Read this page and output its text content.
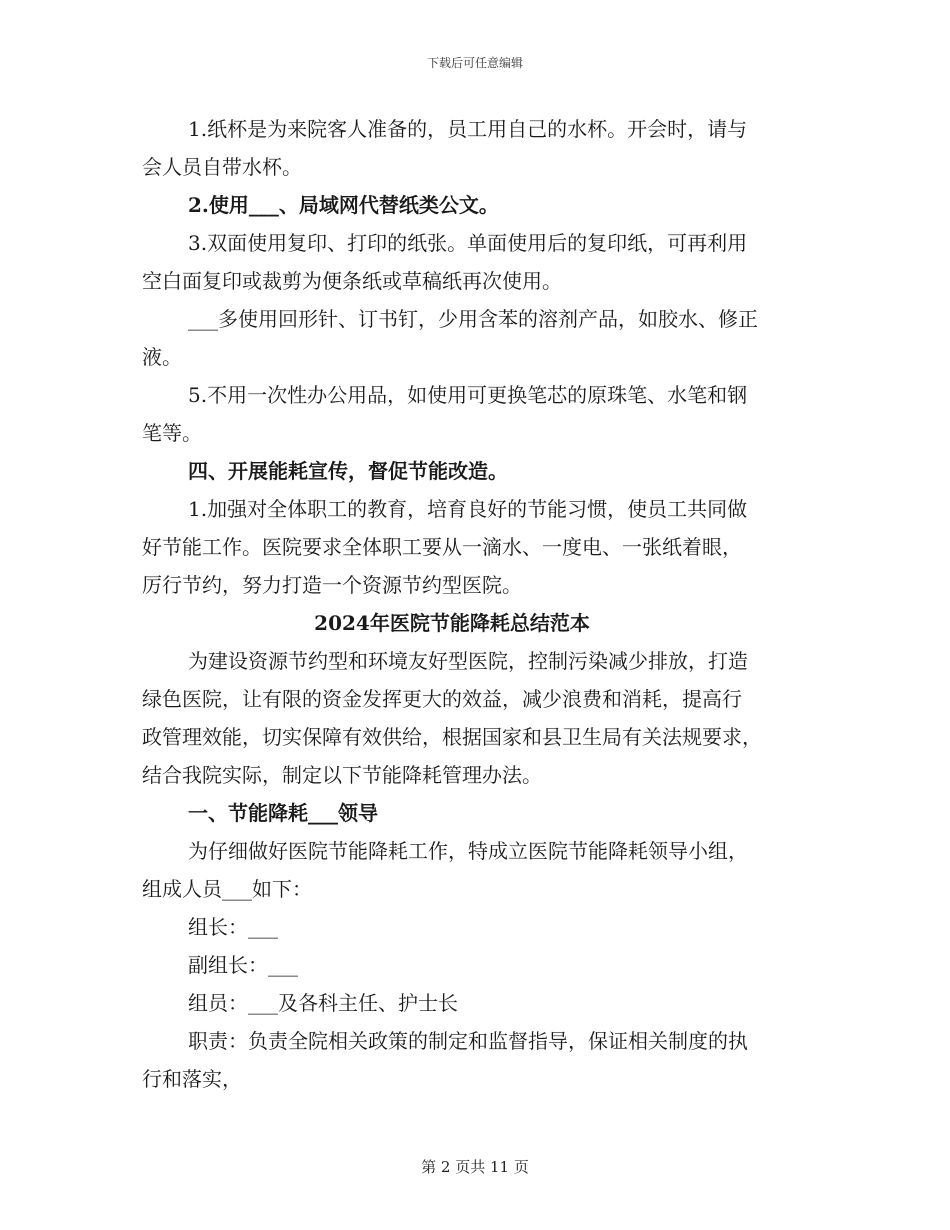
下载后可任意编辑
1.纸杯是为来院客人准备的，员工用自己的水杯。开会时，请与
会人员自带水杯。
2.使用___、局域网代替纸类公文。
3.双面使用复印、打印的纸张。单面使用后的复印纸，可再利用
空白面复印或裁剪为便条纸或草稿纸再次使用。
___多使用回形针、订书钉，少用含苯的溶剂产品，如胶水、修正
液。
5.不用一次性办公用品，如使用可更换笔芯的原珠笔、水笔和钢
笔等。
四、开展能耗宣传，督促节能改造。
1.加强对全体职工的教育，培育良好的节能习惯，使员工共同做
好节能工作。医院要求全体职工要从一滴水、一度电、一张纸着眼，
厉行节约，努力打造一个资源节约型医院。
2024年医院节能降耗总结范本
为建设资源节约型和环境友好型医院，控制污染减少排放，打造
绿色医院，让有限的资金发挥更大的效益，减少浪费和消耗，提高行
政管理效能，切实保障有效供给，根据国家和县卫生局有关法规要求，
结合我院实际，制定以下节能降耗管理办法。
一、节能降耗___领导
为仔细做好医院节能降耗工作，特成立医院节能降耗领导小组，
组成人员___如下：
组长：___
副组长：___
组员：___及各科主任、护士长
职责：负责全院相关政策的制定和监督指导，保证相关制度的执
行和落实，
第 2 页共 11 页
